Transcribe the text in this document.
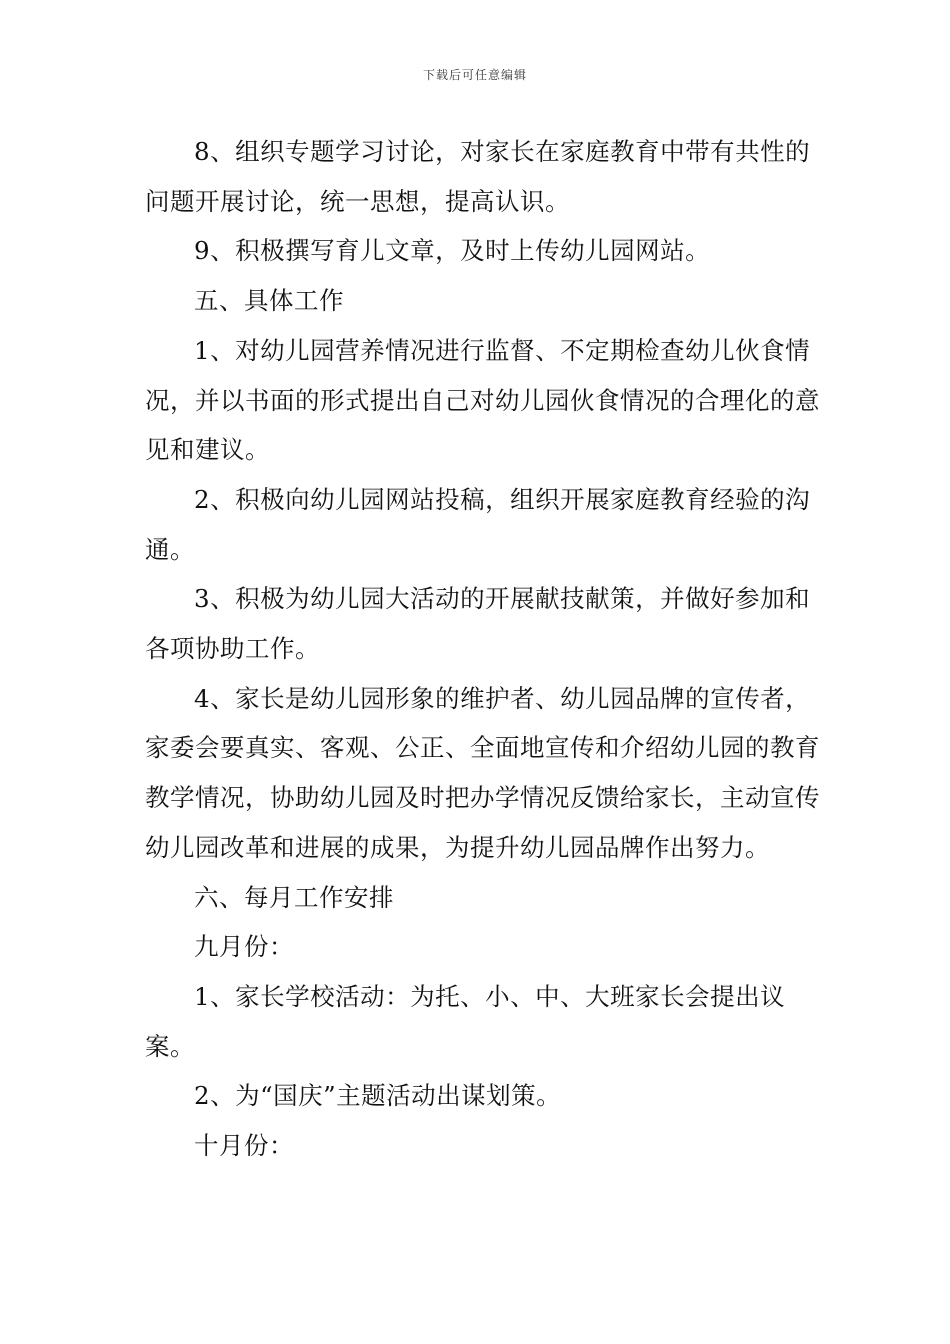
下载后可任意编辑

8、组织专题学习讨论，对家长在家庭教育中带有共性的问题开展讨论，统一思想，提高认识。

9、积极撰写育儿文章，及时上传幼儿园网站。

五、具体工作

1、对幼儿园营养情况进行监督、不定期检查幼儿伙食情况，并以书面的形式提出自己对幼儿园伙食情况的合理化的意见和建议。

2、积极向幼儿园网站投稿，组织开展家庭教育经验的沟通。

3、积极为幼儿园大活动的开展献技献策，并做好参加和各项协助工作。

4、家长是幼儿园形象的维护者、幼儿园品牌的宣传者，家委会要真实、客观、公正、全面地宣传和介绍幼儿园的教育教学情况，协助幼儿园及时把办学情况反馈给家长，主动宣传幼儿园改革和进展的成果，为提升幼儿园品牌作出努力。

六、每月工作安排

九月份：

1、家长学校活动：为托、小、中、大班家长会提出议案。

2、为“国庆”主题活动出谋划策。

十月份：
